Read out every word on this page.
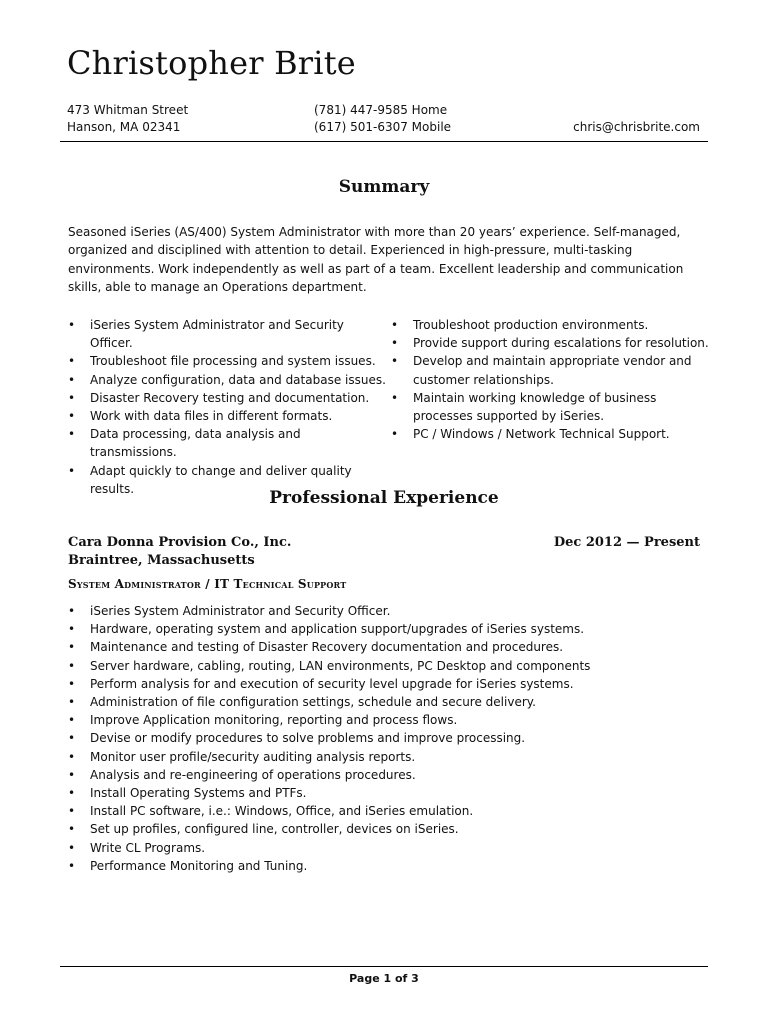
Christopher Brite
473 Whitman Street
Hanson, MA 02341
(781) 447-9585 Home
(617) 501-6307 Mobile	chris@chrisbrite.com
Summary

Seasoned iSeries (AS/400) System Administrator with more than 20 years’ experience. Self-managed, organized and disciplined with attention to detail. Experienced in high-pressure, multi-tasking environments. Work independently as well as part of a team. Excellent leadership and communication skills, able to manage an Operations department.

• iSeries System Administrator and Security Officer.
• Troubleshoot file processing and system issues.
• Analyze configuration, data and database issues.
• Disaster Recovery testing and documentation.
• Work with data files in different formats.
• Data processing, data analysis and transmissions.
• Adapt quickly to change and deliver quality results.
• Troubleshoot production environments.
• Provide support during escalations for resolution.
• Develop and maintain appropriate vendor and customer relationships.
• Maintain working knowledge of business processes supported by iSeries.
• PC / Windows / Network Technical Support.
Professional Experience
Cara Donna Provision Co., Inc.
Braintree, Massachusetts
Dec 2012 — Present
System Administrator / IT Technical Support
• iSeries System Administrator and Security Officer.
• Hardware, operating system and application support/upgrades of iSeries systems.
• Maintenance and testing of Disaster Recovery documentation and procedures.
• Server hardware, cabling, routing, LAN environments, PC Desktop and components
• Perform analysis for and execution of security level upgrade for iSeries systems.
• Administration of file configuration settings, schedule and secure delivery.
• Improve Application monitoring, reporting and process flows.
• Devise or modify procedures to solve problems and improve processing.
• Monitor user profile/security auditing analysis reports.
• Analysis and re-engineering of operations procedures.
• Install Operating Systems and PTFs.
• Install PC software, i.e.: Windows, Office, and iSeries emulation.
• Set up profiles, configured line, controller, devices on iSeries.
• Write CL Programs.
• Performance Monitoring and Tuning.
Page 1 of 3
